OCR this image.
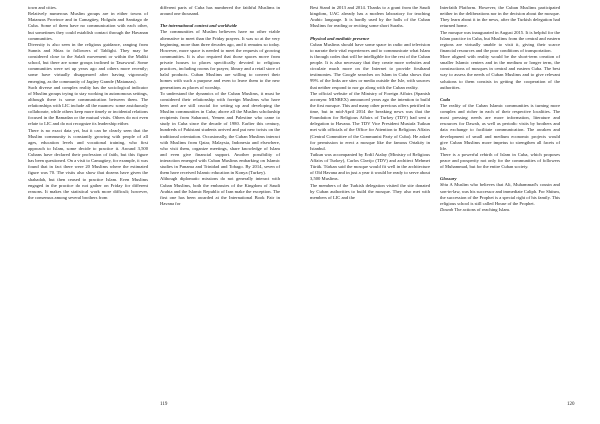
town and cities.

Relatively numerous Muslim groups are in either towns of Matanzas Province and in Camagüey, Holguín and Santiago de Cuba. Some of them have no communication with each other, but sometimes they could establish contact through the Havanan communities.

Diversity is also seen in the religious guidance, ranging from Sunnis and Shias to followers of Tablighi. They may be considered close to the Salafi movement or within the Maliki school, but there are some groups inclined to Tasawwuf. Some communities were set up years ago and others more recently; some have virtually disappeared after having vigorously emerging, as the community of Jagüey Grande (Matanzas).

Such diverse and complex reality has the sociological indicator of Muslim groups trying to stay working in autonomous settings, although there is some communication between them. The relationships with LIC include all the nuances: some assiduously collaborate, while others keep more timely or incidental relations focused in the Ramadan or the mutual visits. Others do not even relate to LIC and do not recognize its leadership either.

There is no exact data yet, but it can be clearly seen that the Muslim community is constantly growing with people of all ages, education levels and vocational training, who first approach to Islam, some decide to practice it. Around 3,500 Cubans have declared their profession of faith, but this figure has been questioned. On a visit to Camagüey, for example, it was found that in fact there were 20 Muslims where the estimated figure was 70. The visits also show that dozens have given the shahadah, but then ceased to practice Islam. Even Muslims engaged in the practice do not gather on Friday for different reasons. It makes the statistical work more difficult; however, the consensus among several brothers from

different parts of Cuba has numbered the faithful Muslims in around one thousand.

The international context and worldwide

The communities of Muslim believers have no other viable alternative to meet than the Friday prayers. It was so at the very beginning, more than three decades ago, and it remains so today. However, more space is needed to meet the requests of growing communities. It is also required that those spaces move from private houses to places specifically devoted to religious practices, including rooms for prayer, library and a retail store of halal products. Cuban Muslims are willing to convert their homes with such a purpose and even to leave them to the new generations as places of worship.

To understand the dynamics of the Cuban Muslims, it must be considered their relationship with foreign Muslims who have been and are still crucial for setting up and developing the Muslim communities in Cuba; above all the Muslim scholarship recipients from Saharawi, Yemen and Palestine who came to study in Cuba since the decade of 1980. Earlier this century, hundreds of Pakistani students arrived and put new twists on the traditional orientation. Occasionally, the Cuban Muslims interact with Muslims from Qatar, Malaysia, Indonesia and elsewhere, who visit them, organize meetings, share knowledge of Islam and even give financial support. Another possibility of interaction emerged with Cuban Muslims embarking on Islamic studies in Panama and Trinidad and Tobago. By 2014, seven of them have received Islamic education in Konya (Turkey).

Although diplomatic missions do not generally interact with Cuban Muslims, both the embassies of the Kingdom of Saudi Arabia and the Islamic Republic of Iran make the exception. The first one has been awarded at the International Book Fair in Havana for

Best Stand in 2013 and 2014. Thanks to a grant from the Saudi kingdom, UAC already has a modern laboratory for teaching Arabic language. It is hardly used by the halls of the Cuban Muslims for reading or reciting some short Surahs.

Physical and mediatic presence

Cuban Muslims should have some space in radio and television to narrate their vital experiences and to communicate what Islam is through codes that will be intelligible for the rest of the Cuban people. It is also necessary that they create more websites and circulate much more on the Internet to provide firsthand testimonies. The Google searches on Islam in Cuba shows that 99% of the links are sites or media outside the Isle, with sources that neither respond to nor go along with the Cuban reality.

The official website of the Ministry of Foreign Affairs (Spanish acronym: MINREX) announced years ago the intention to build the first mosque. This and many other previous offers petrified in time, but in mid-April 2014 the breaking news was that the Foundation for Religious Affairs of Turkey (TDV) had sent a delegation to Havana. The TDV Vice President Mustafa Tutkun met with officials of the Office for Attention to Religious Affairs (Central Committee of the Communist Party of Cuba). He asked for permission to erect a mosque like the famous Ortaköy in Istanbul.

Tutkun was accompanied by Erdil Atalay (Ministry of Religious Affairs of Turkey), Carlos Clavijo (TDV) and architect Mehmet Türük. Türkan said the mosque would fit well in the architecture of Old Havana and in just a year it would be ready to serve about 3,500 Muslims.

The members of the Turkish delegation visited the site donated by Cuban authorities to build the mosque. They also met with members of LIC and the

Interfaith Platform. However, the Cuban Muslims participated neither in the deliberations nor in the decision about the mosque. They learn about it in the news, after the Turkish delegation had returned home.

The mosque was inaugurated in August 2015. It is helpful for the Islam practice in Cuba, but Muslims from the central and eastern regions are virtually unable to visit it, giving their scarce financial resources and the poor conditions of transportation.

More aligned with reality would be the short-term creation of smaller Islamic centers and in the medium or longer term, the constructions of mosques in central and eastern Cuba. The best way to assess the needs of Cuban Muslims and to give relevant solutions to them consists in getting the cooperation of the authorities.

Coda

The reality of the Cuban Islamic communities is turning more complex and richer in each of their respective localities. The most pressing needs are more information, literature and resources for Dawah, as well as periodic visits by brothers and data exchange to facilitate communication. The awaken and development of small and medium economic projects would give Cuban Muslims more impetus to strengthen all facets of life.

There is a powerful rebirth of Islam in Cuba, which proposes peace and prosperity not only for the communities of followers of Muhammad, but for the entire Cuban society.

Glossary

Shia A Muslim who believes that Ali, Muhammad's cousin and son-in-law, was his successor and immediate Caliph. For Shiism, the succession of the Prophet is a special right of his family. This religious school is still called House of the Prophet.

Dawah The actions of reaching Islam.

119	120
